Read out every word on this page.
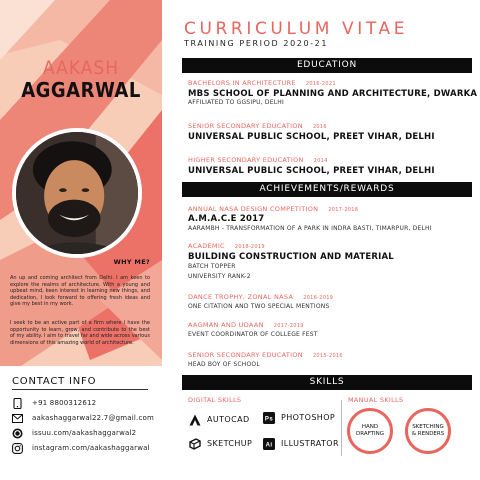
AAKASH
AGGARWAL
WHY ME?
An up and coming architect from Delhi. I am keen to explore the realms of architecture. With a young and upbeat mind, keen interest in learning new things, and dedication, I look forward to offering fresh ideas and give my best in my work.
I seek to be an active part of a firm where I have the opportunity to learn, grow, and contribute to the best of my ability. I aim to travel far and wide across various dimensions of this amazing world of architecture.
CONTACT INFO
+91 8800312612
aakashaggarwal22.7@gmail.com
issuu.com/aakashaggarwal2
instagram.com/aakashaggarwal
CURRICULUM VITAE
TRAINING PERIOD 2020-21
EDUCATION
BACHELORS IN ARCHITECTURE 2016-2021
MBS SCHOOL OF PLANNING AND ARCHITECTURE, DWARKA
AFFILIATED TO GGSIPU, DELHI
SENIOR SECONDARY EDUCATION 2016
UNIVERSAL PUBLIC SCHOOL, PREET VIHAR, DELHI
HIGHER SECONDARY EDUCATION 2014
UNIVERSAL PUBLIC SCHOOL, PREET VIHAR, DELHI
ACHIEVEMENTS/REWARDS
ANNUAL NASA DESIGN COMPETITION 2017-2018
A.M.A.C.E 2017
AARAMBH - TRANSFORMATION OF A PARK IN INDRA BASTI, TIMARPUR, DELHI
ACADEMIC 2018-2019
BUILDING CONSTRUCTION AND MATERIAL
BATCH TOPPER
UNIVERSITY RANK-2
DANCE TROPHY, ZONAL NASA 2016-2019
ONE CITATION AND TWO SPECIAL MENTIONS
AAGMAN AND UDAAN 2017-2019
EVENT COORDINATOR OF COLLEGE FEST
SENIOR SECONDARY EDUCATION 2015-2016
HEAD BOY OF SCHOOL
SKILLS
DIGITAL SKILLS	MANUAL SKILLS
AUTOCAD Ps PHOTOSHOP
SKETCHUP Ai ILLUSTRATOR
HAND
DRAFTING
SKETCHING
& RENDERS
